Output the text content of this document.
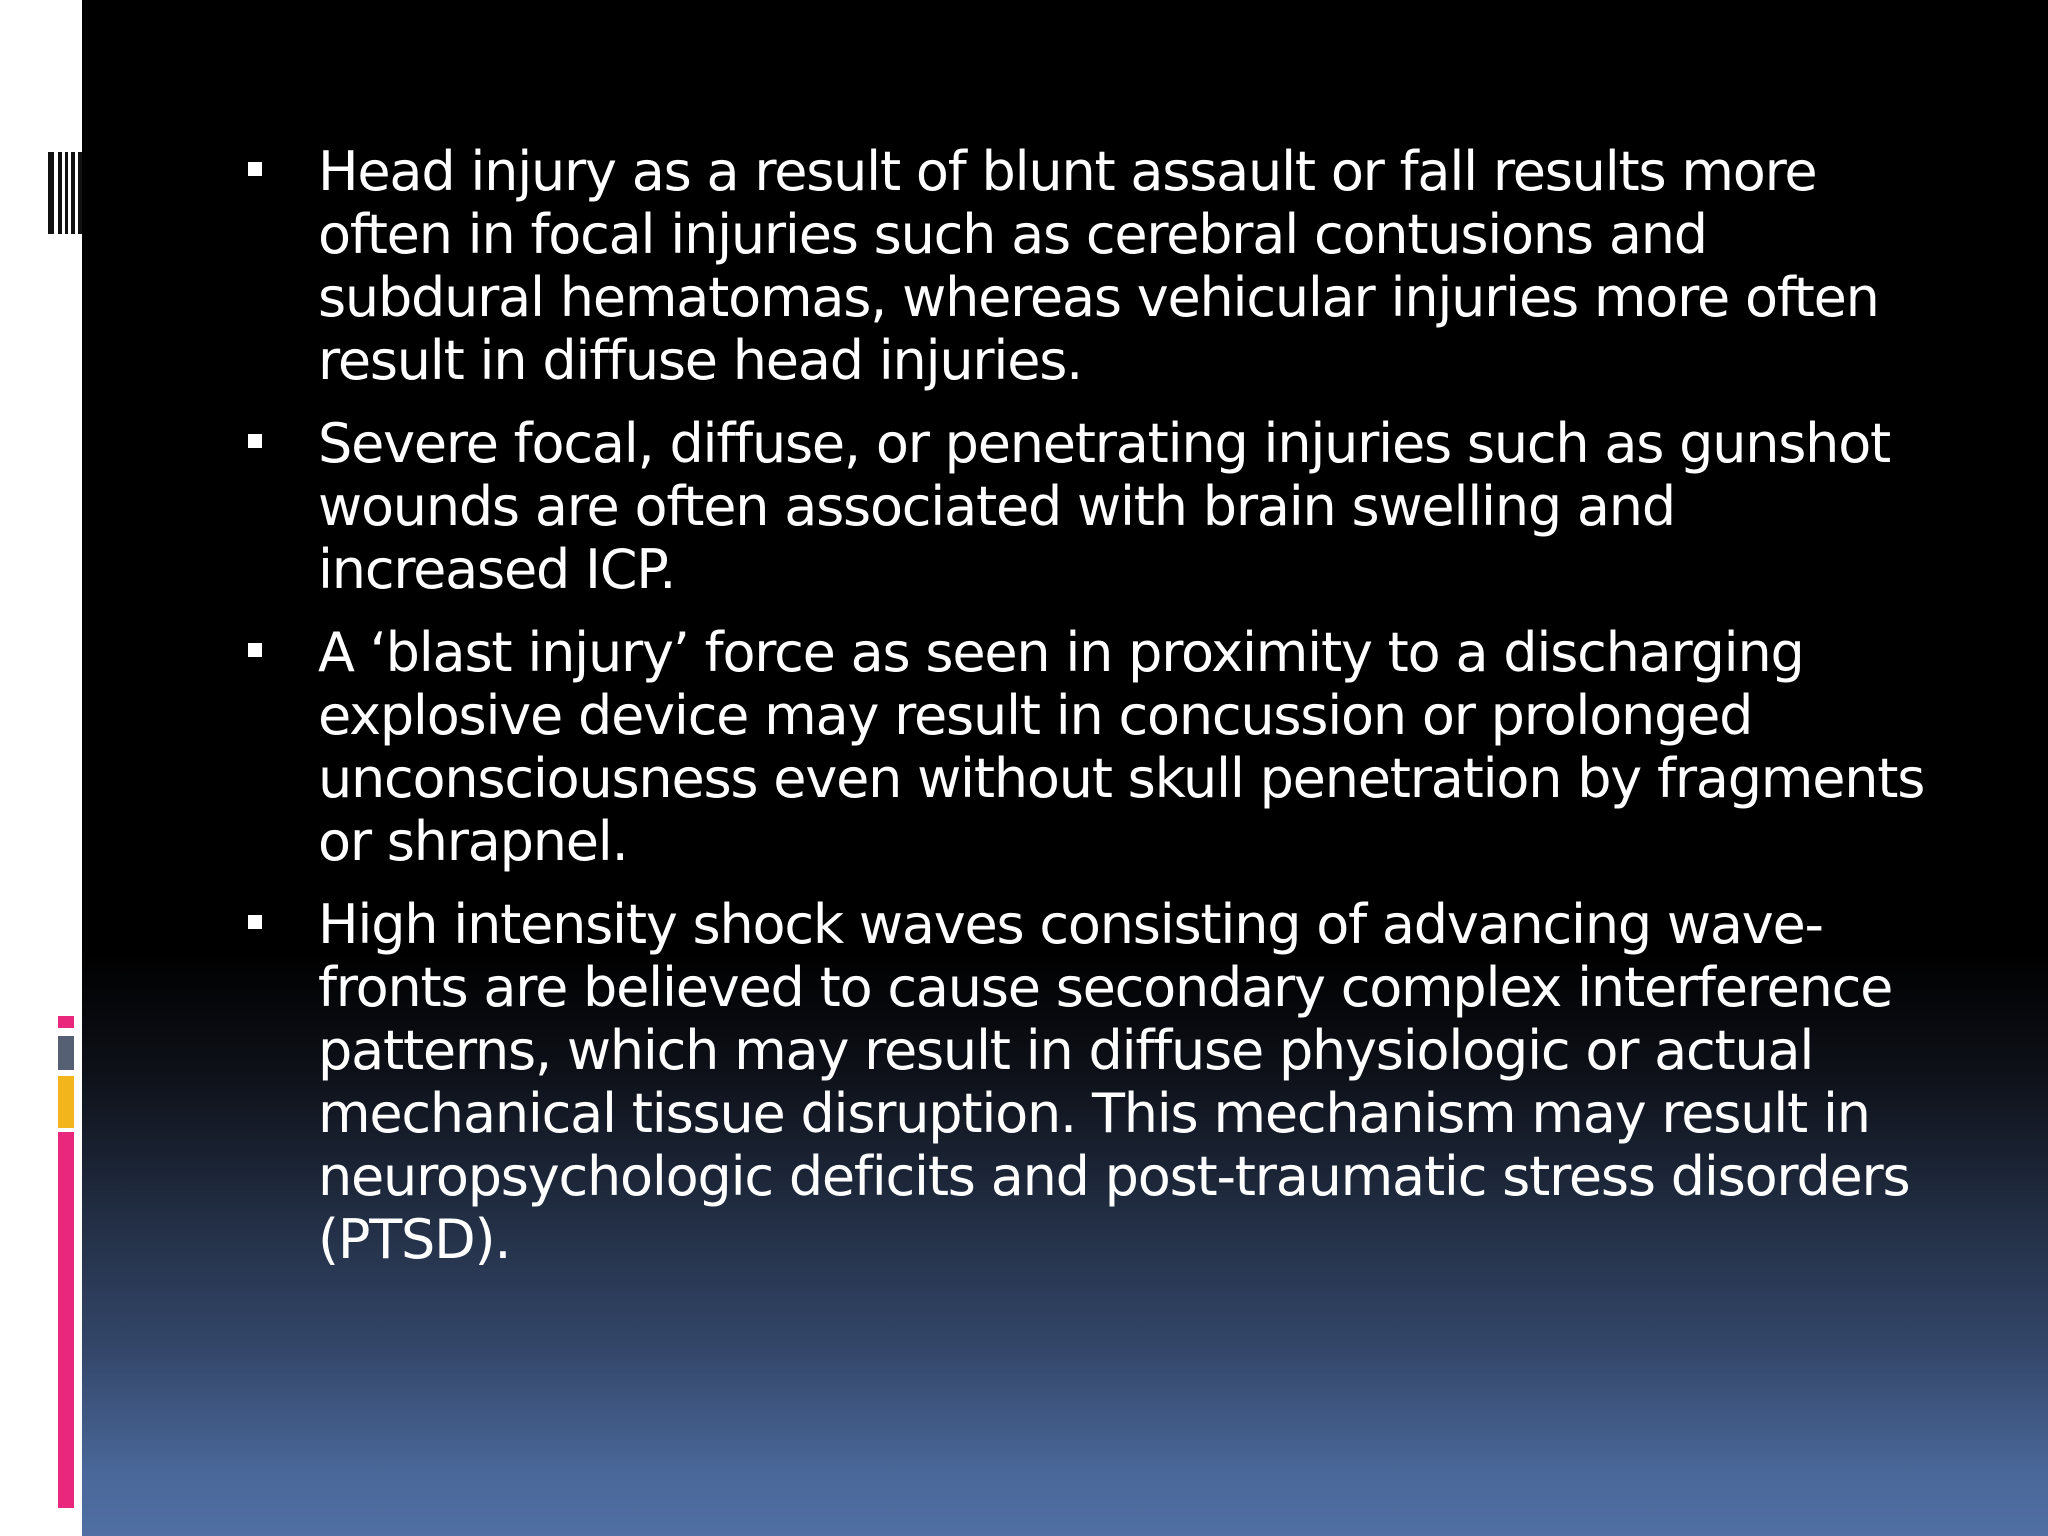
Head injury as a result of blunt assault or fall results more often in focal injuries such as cerebral contusions and subdural hematomas, whereas vehicular injuries more often result in diffuse head injuries.
Severe focal, diffuse, or penetrating injuries such as gunshot wounds are often associated with brain swelling and increased ICP.
A ‘blast injury’ force as seen in proximity to a discharging explosive device may result in concussion or prolonged unconsciousness even without skull penetration by fragments or shrapnel.
High intensity shock waves consisting of advancing wave-fronts are believed to cause secondary complex interference patterns, which may result in diffuse physiologic or actual mechanical tissue disruption. This mechanism may result in neuropsychologic deficits and post-traumatic stress disorders (PTSD).
